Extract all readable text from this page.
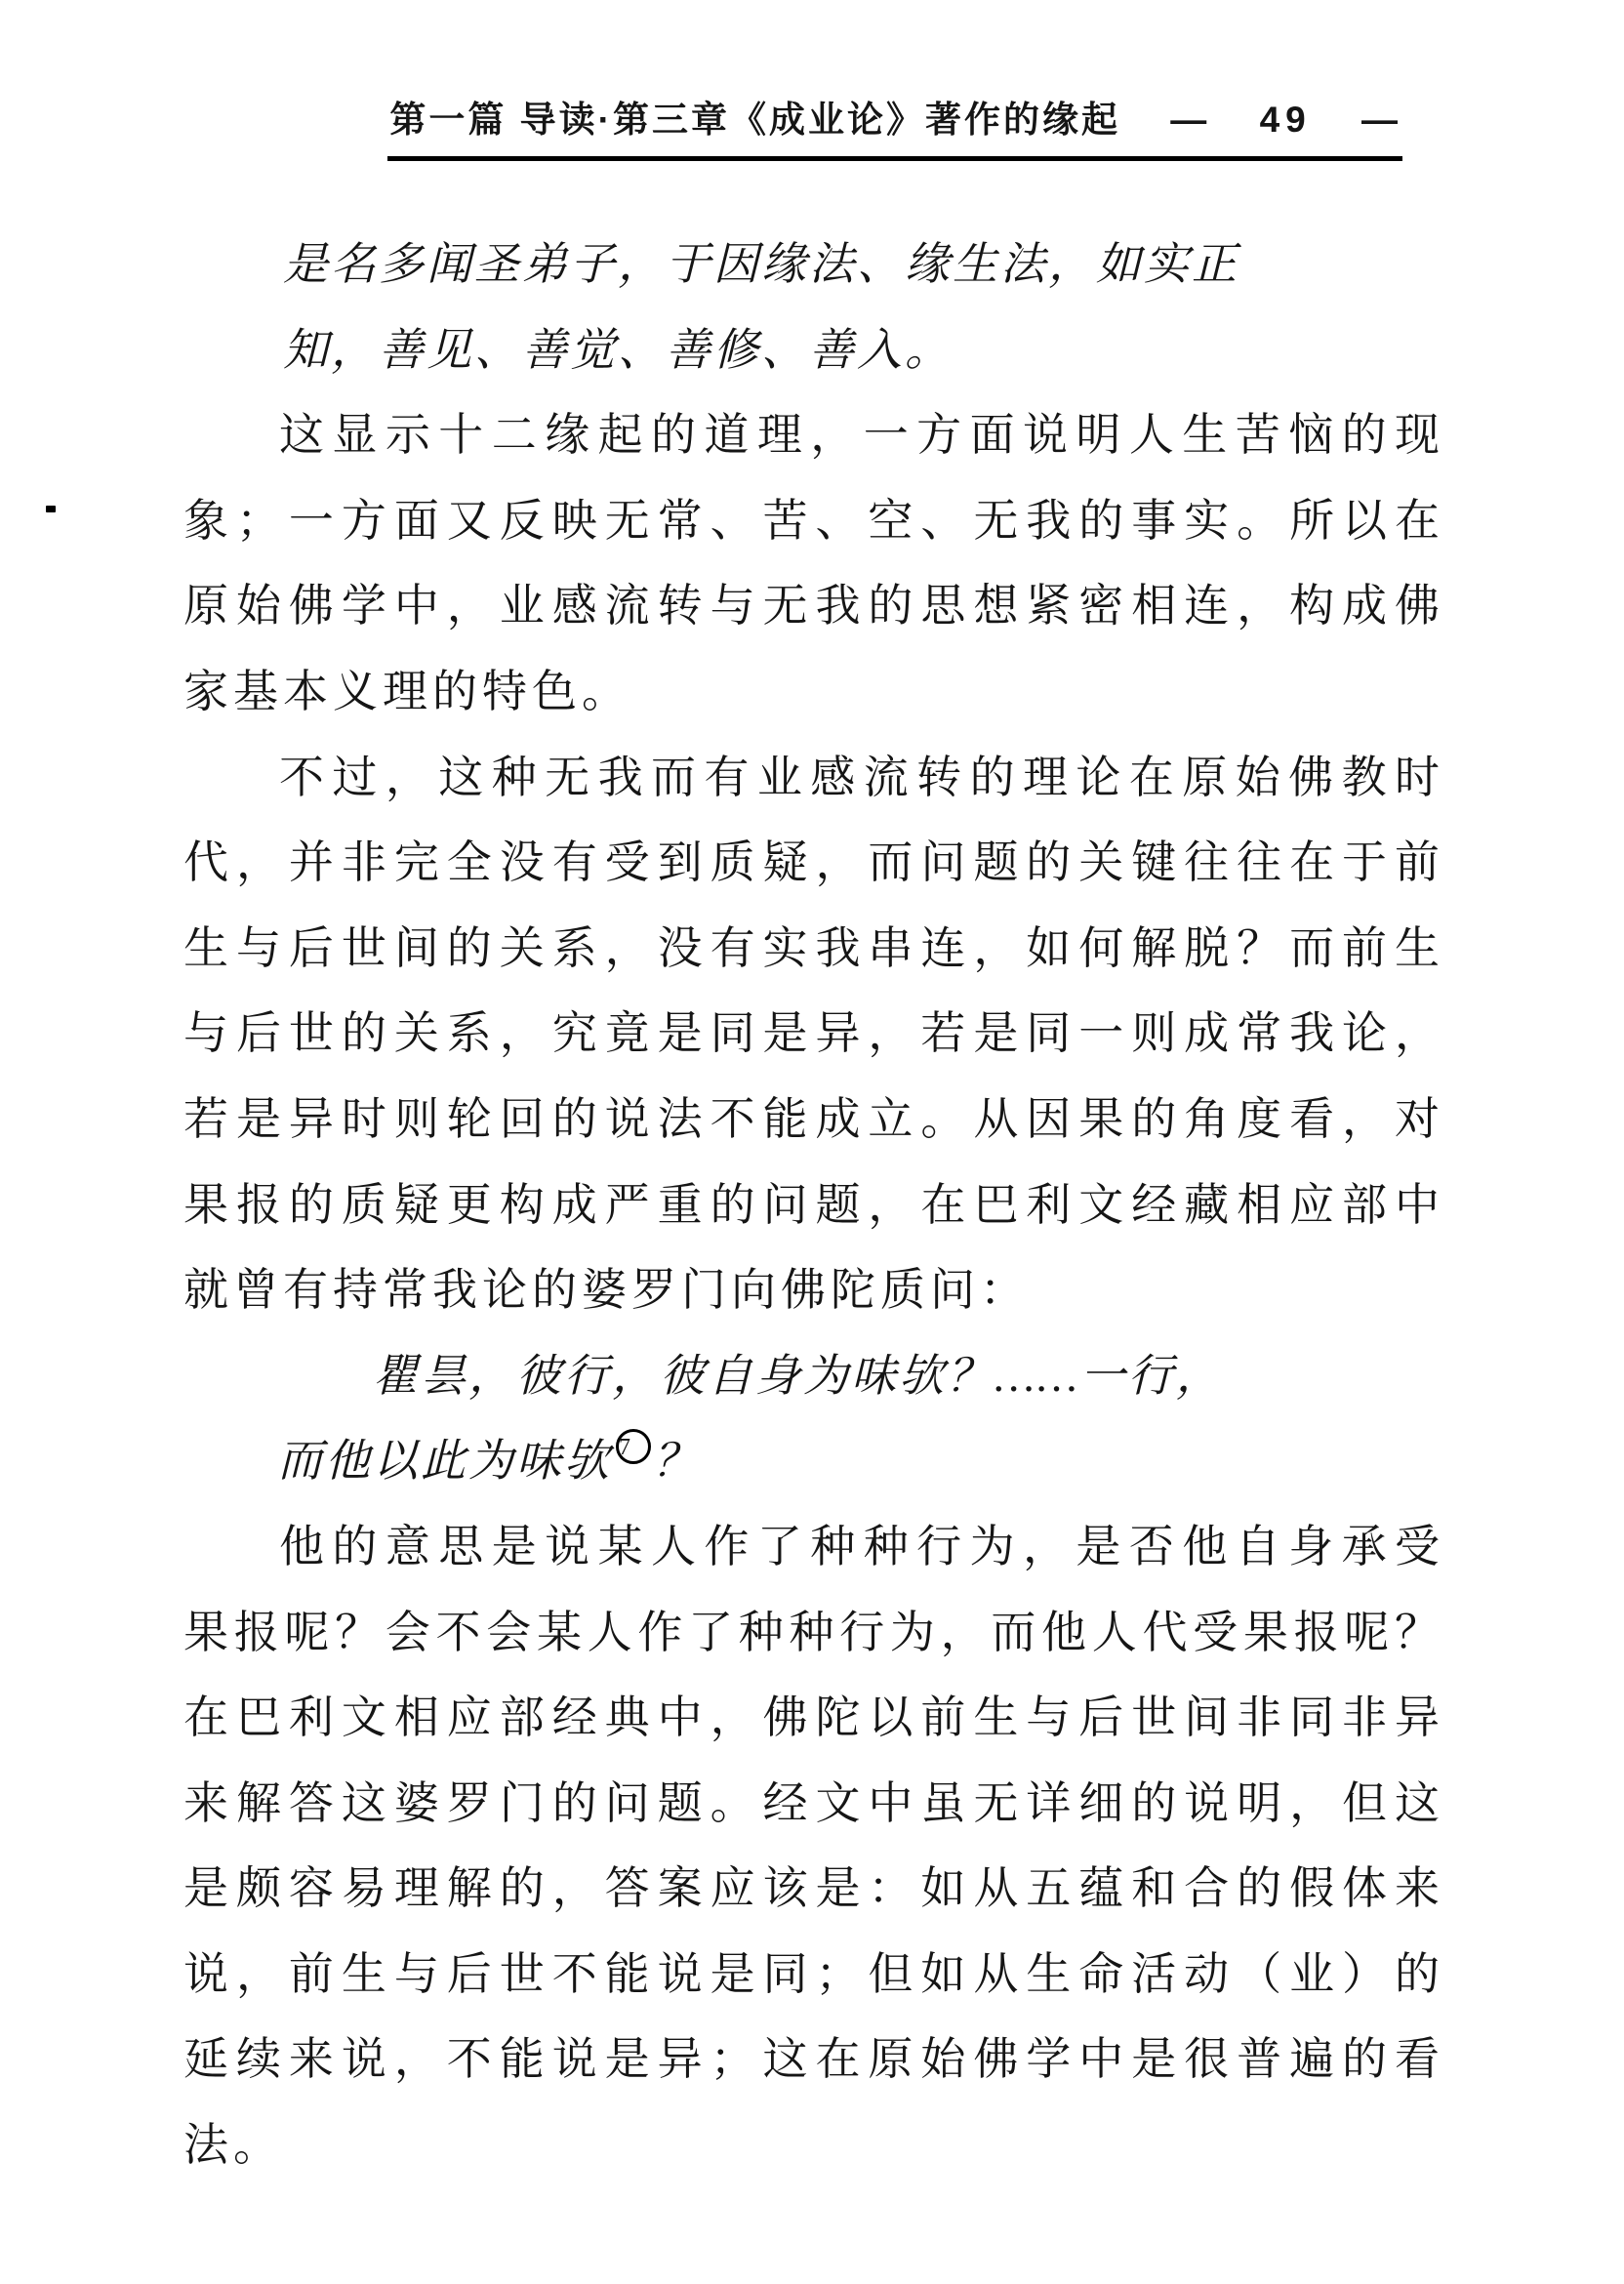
第一篇 导读·第三章《成业论》著作的缘起 — 49 —
是名多闻圣弟子，于因缘法、缘生法，如实正
知，善见、善觉、善修、善入。
这显示十二缘起的道理，一方面说明人生苦恼的现
象；一方面又反映无常、苦、空、无我的事实。所以在
原始佛学中，业感流转与无我的思想紧密相连，构成佛
家基本义理的特色。
不过，这种无我而有业感流转的理论在原始佛教时
代，并非完全没有受到质疑，而问题的关键往往在于前
生与后世间的关系，没有实我串连，如何解脱？而前生
与后世的关系，究竟是同是异，若是同一则成常我论，
若是异时则轮回的说法不能成立。从因果的角度看，对
果报的质疑更构成严重的问题，在巴利文经藏相应部中
就曾有持常我论的婆罗门向佛陀质问：
瞿昙，彼行，彼自身为味欤？……一行，
而他以此为味欤 7 ？
他的意思是说某人作了种种行为，是否他自身承受
果报呢？会不会某人作了种种行为，而他人代受果报呢？
在巴利文相应部经典中，佛陀以前生与后世间非同非异
来解答这婆罗门的问题。经文中虽无详细的说明，但这
是颇容易理解的，答案应该是：如从五蕴和合的假体来
说，前生与后世不能说是同；但如从生命活动（业）的
延续来说，不能说是异；这在原始佛学中是很普遍的看
法。
